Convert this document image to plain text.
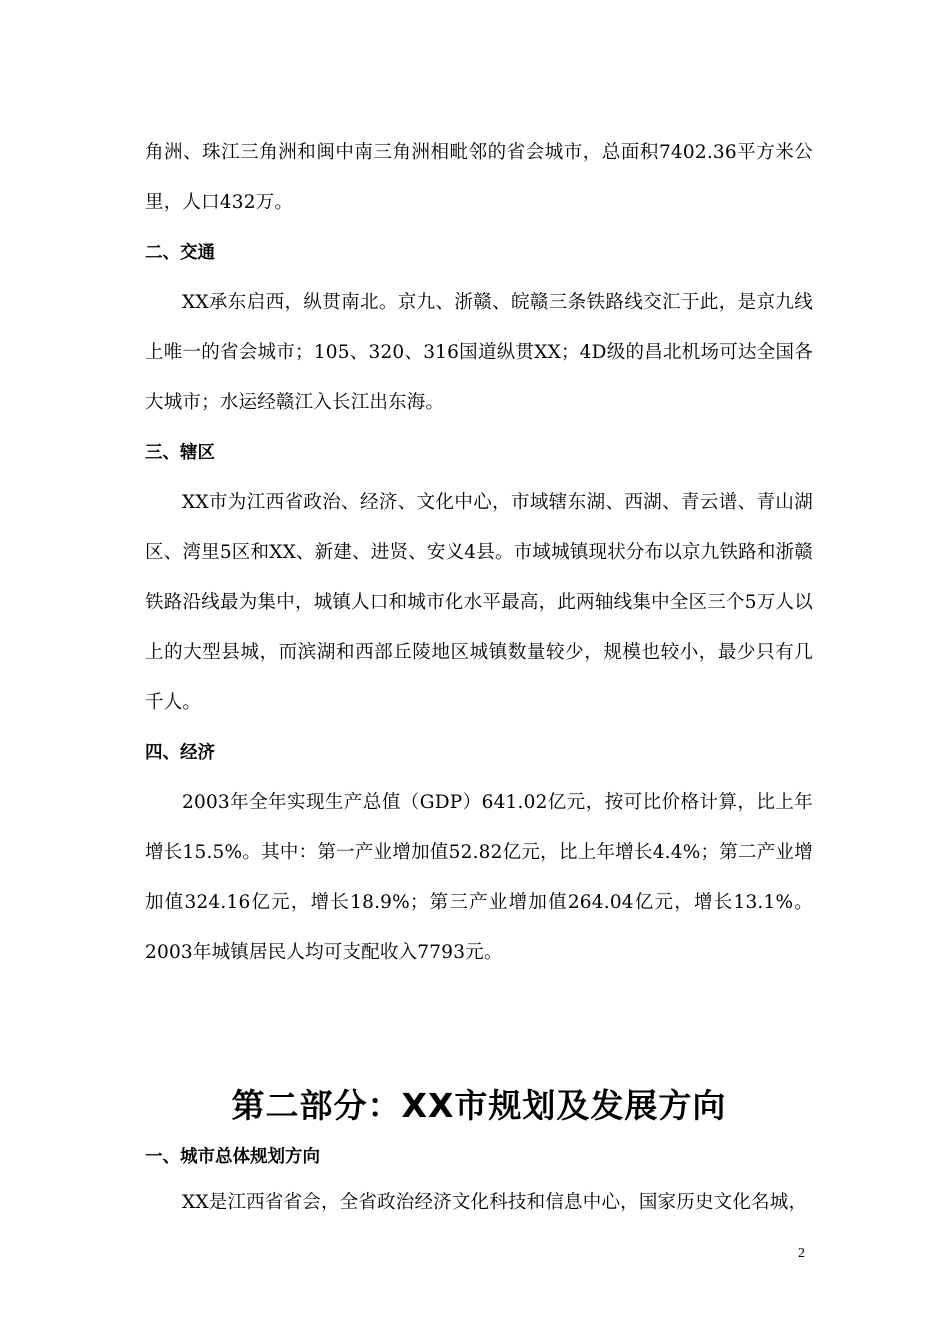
角洲、珠江三角洲和闽中南三角洲相毗邻的省会城市，总面积7402.36平方米公里，人口432万。

二、交通

XX承东启西，纵贯南北。京九、浙赣、皖赣三条铁路线交汇于此，是京九线上唯一的省会城市；105、320、316国道纵贯XX；4D级的昌北机场可达全国各大城市；水运经赣江入长江出东海。

三、辖区

XX市为江西省政治、经济、文化中心，市域辖东湖、西湖、青云谱、青山湖区、湾里5区和XX、新建、进贤、安义4县。市域城镇现状分布以京九铁路和浙赣铁路沿线最为集中，城镇人口和城市化水平最高，此两轴线集中全区三个5万人以上的大型县城，而滨湖和西部丘陵地区城镇数量较少，规模也较小，最少只有几千人。

四、经济

2003年全年实现生产总值（GDP）641.02亿元，按可比价格计算，比上年增长15.5%。其中：第一产业增加值52.82亿元，比上年增长4.4%；第二产业增加值324.16亿元，增长18.9%；第三产业增加值264.04亿元，增长13.1%。2003年城镇居民人均可支配收入7793元。

第二部分：XX市规划及发展方向
一、城市总体规划方向

XX是江西省省会，全省政治经济文化科技和信息中心，国家历史文化名城，

2
